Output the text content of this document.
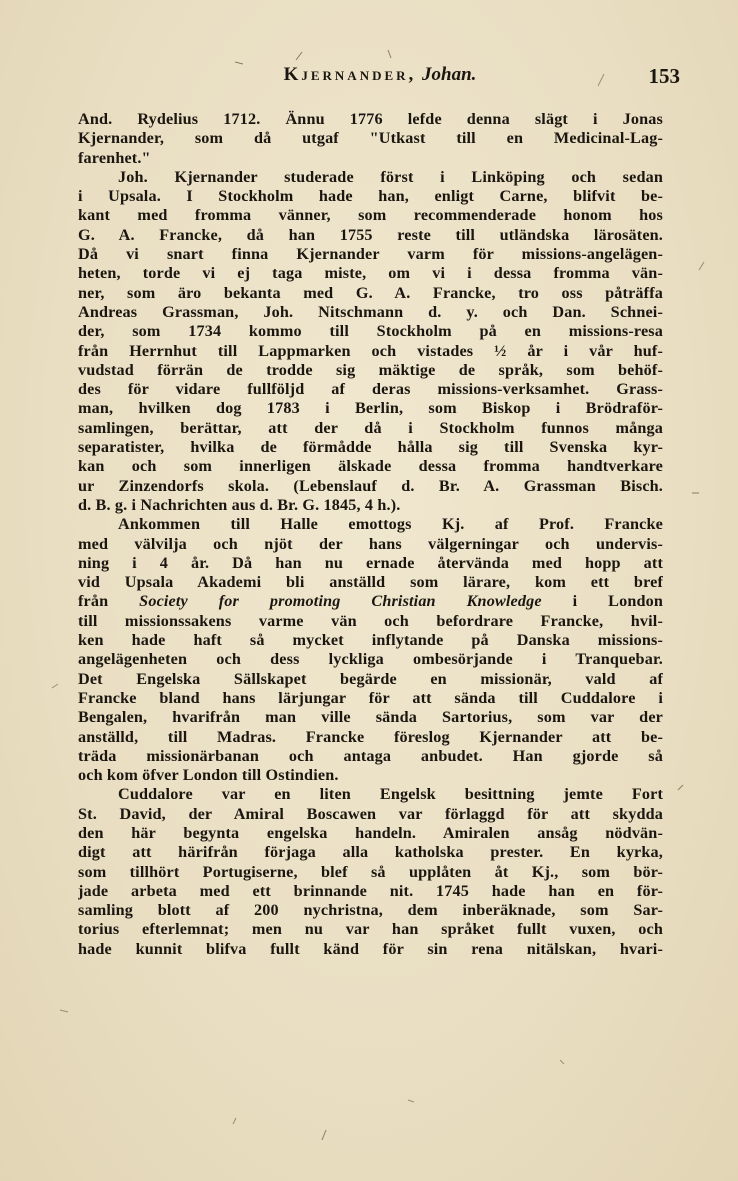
Kjernander, Johan.	153
And. Rydelius 1712. Ännu 1776 lefde denna slägt i Jonas
Kjernander, som då utgaf "Utkast till en Medicinal-Lag-
farenhet."
Joh. Kjernander studerade först i Linköping och sedan
i Upsala. I Stockholm hade han, enligt Carne, blifvit be-
kant med fromma vänner, som recommenderade honom hos
G. A. Francke, då han 1755 reste till utländska lärosäten.
Då vi snart finna Kjernander varm för missions-angelägen-
heten, torde vi ej taga miste, om vi i dessa fromma vän-
ner, som äro bekanta med G. A. Francke, tro oss påträffa
Andreas Grassman, Joh. Nitschmann d. y. och Dan. Schnei-
der, som 1734 kommo till Stockholm på en missions-resa
från Herrnhut till Lappmarken och vistades ½ år i vår huf-
vudstad förrän de trodde sig mäktige de språk, som behöf-
des för vidare fullföljd af deras missions-verksamhet. Grass-
man, hvilken dog 1783 i Berlin, som Biskop i Brödraför-
samlingen, berättar, att der då i Stockholm funnos många
separatister, hvilka de förmådde hålla sig till Svenska kyr-
kan och som innerligen älskade dessa fromma handtverkare
ur Zinzendorfs skola. (Lebenslauf d. Br. A. Grassman Bisch.
d. B. g. i Nachrichten aus d. Br. G. 1845, 4 h.).
Ankommen till Halle emottogs Kj. af Prof. Francke
med välvilja och njöt der hans välgerningar och undervis-
ning i 4 år. Då han nu ernade återvända med hopp att
vid Upsala Akademi bli anställd som lärare, kom ett bref
från Society for promoting Christian Knowledge i London
till missionssakens varme vän och befordrare Francke, hvil-
ken hade haft så mycket inflytande på Danska missions-
angelägenheten och dess lyckliga ombesörjande i Tranquebar.
Det Engelska Sällskapet begärde en missionär, vald af
Francke bland hans lärjungar för att sända till Cuddalore i
Bengalen, hvarifrån man ville sända Sartorius, som var der
anställd, till Madras. Francke föreslog Kjernander att be-
träda missionärbanan och antaga anbudet. Han gjorde så
och kom öfver London till Ostindien.
Cuddalore var en liten Engelsk besittning jemte Fort
St. David, der Amiral Boscawen var förlaggd för att skydda
den här begynta engelska handeln. Amiralen ansåg nödvän-
digt att härifrån förjaga alla katholska prester. En kyrka,
som tillhört Portugiserne, blef så upplåten åt Kj., som bör-
jade arbeta med ett brinnande nit. 1745 hade han en för-
samling blott af 200 nychristna, dem inberäknade, som Sar-
torius efterlemnat; men nu var han språket fullt vuxen, och
hade kunnit blifva fullt känd för sin rena nitälskan, hvari-
